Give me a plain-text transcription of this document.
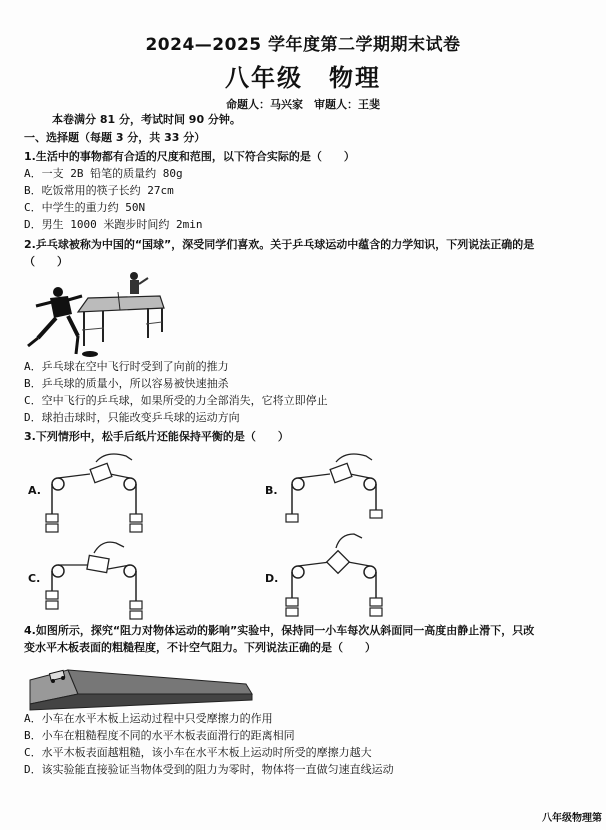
2024—2025 学年度第二学期期末试卷
八年级　物理
命题人：马兴家　审题人：王斐
本卷满分 81 分，考试时间 90 分钟。
一、选择题（每题 3 分，共 33 分）
1.生活中的事物都有合适的尺度和范围，以下符合实际的是（　　）
A．一支 2B 铅笔的质量约 80g
B．吃饭常用的筷子长约 27cm
C．中学生的重力约 50N
D．男生 1000 米跑步时间约 2min
2.乒乓球被称为中国的“国球”，深受同学们喜欢。关于乒乓球运动中蕴含的力学知识，下列说法正确的是
（　　）
A．乒乓球在空中飞行时受到了向前的推力
B．乒乓球的质量小，所以容易被快速抽杀
C．空中飞行的乒乓球，如果所受的力全部消失，它将立即停止
D．球拍击球时，只能改变乒乓球的运动方向
3.下列情形中，松手后纸片还能保持平衡的是（　　）
A.	B.
C.	D.
4.如图所示，探究“阻力对物体运动的影响”实验中，保持同一小车每次从斜面同一高度由静止滑下，只改
变水平木板表面的粗糙程度，不计空气阻力。下列说法正确的是（　　）
A．小车在水平木板上运动过程中只受摩擦力的作用
B．小车在粗糙程度不同的水平木板表面滑行的距离相同
C．水平木板表面越粗糙，该小车在水平木板上运动时所受的摩擦力越大
D．该实验能直接验证当物体受到的阻力为零时，物体将一直做匀速直线运动
八年级物理第
